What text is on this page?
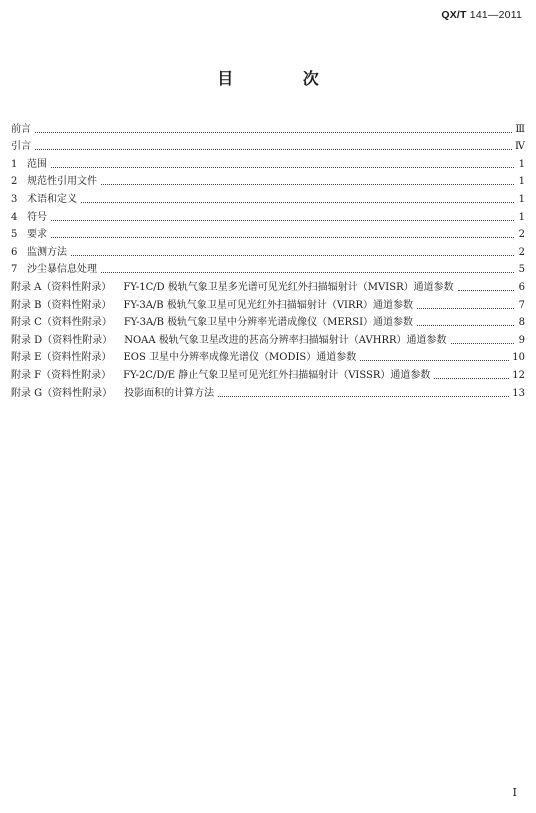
QX/T 141—2011
目 次
前言	Ⅲ
引言	Ⅳ
1 范围	1
2 规范性引用文件	1
3 术语和定义	1
4 符号	1
5 要求	2
6 监测方法	2
7 沙尘暴信息处理	5
附录 A（资料性附录） FY-1C/D 极轨气象卫星多光谱可见光红外扫描辐射计（MVISR）通道参数	6
附录 B（资料性附录） FY-3A/B 极轨气象卫星可见光红外扫描辐射计（VIRR）通道参数	7
附录 C（资料性附录） FY-3A/B 极轨气象卫星中分辨率光谱成像仪（MERSI）通道参数	8
附录 D（资料性附录） NOAA 极轨气象卫星改进的甚高分辨率扫描辐射计（AVHRR）通道参数	9
附录 E（资料性附录） EOS 卫星中分辨率成像光谱仪（MODIS）通道参数	10
附录 F（资料性附录） FY-2C/D/E 静止气象卫星可见光红外扫描辐射计（VISSR）通道参数	12
附录 G（资料性附录） 投影面积的计算方法	13
Ⅰ
